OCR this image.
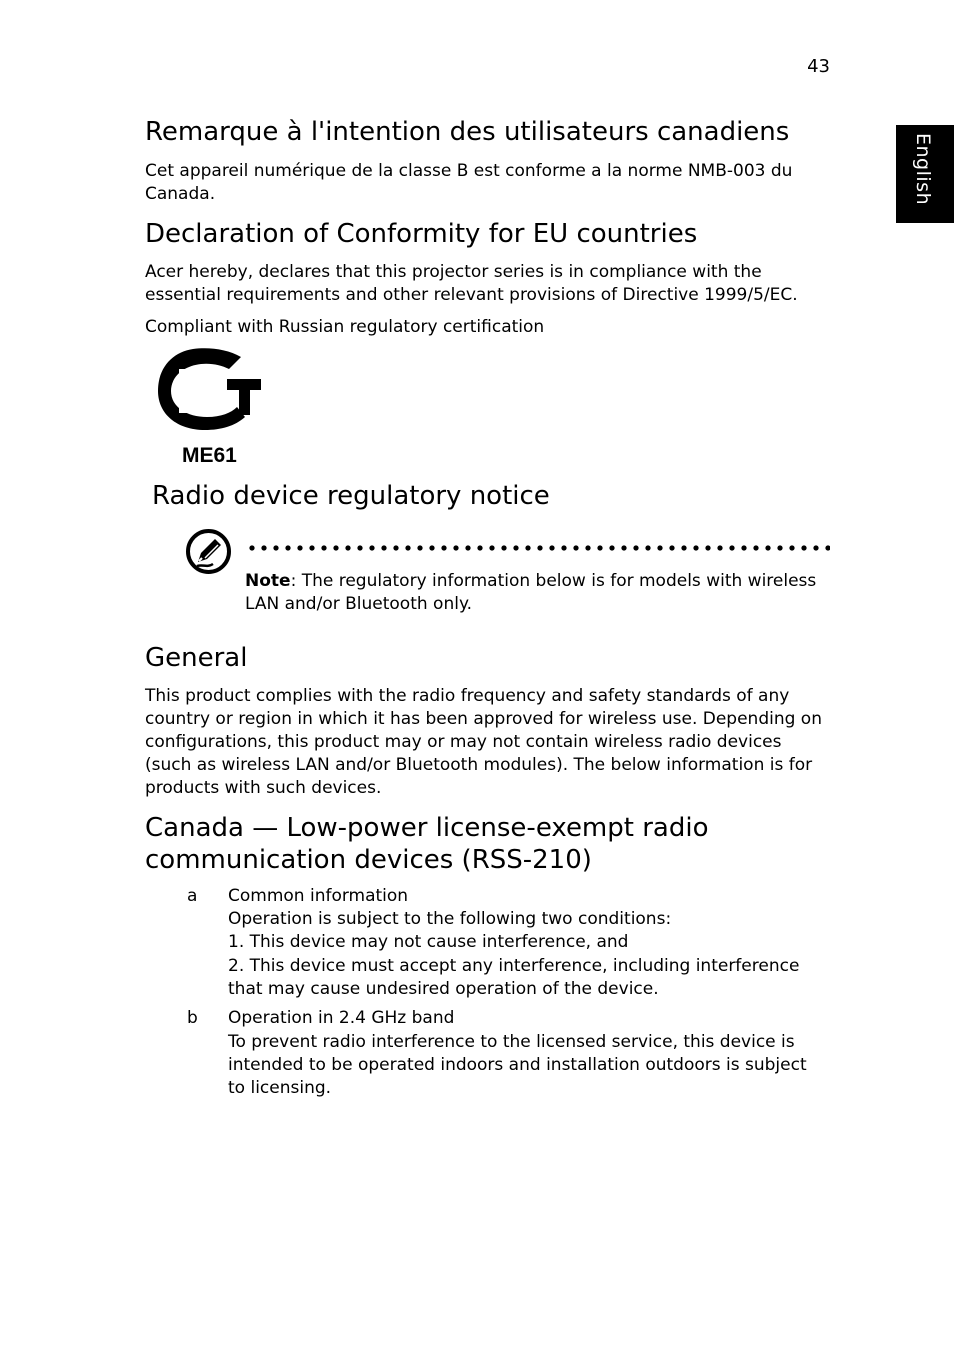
43
English
Remarque à l'intention des utilisateurs canadiens

Cet appareil numérique de la classe B est conforme a la norme NMB-003 du Canada.

Declaration of Conformity for EU countries

Acer hereby, declares that this projector series is in compliance with the essential requirements and other relevant provisions of Directive 1999/5/EC.

Compliant with Russian regulatory certification

ME61
Radio device regulatory notice

Note: The regulatory information below is for models with wireless LAN and/or Bluetooth only.

General

This product complies with the radio frequency and safety standards of any country or region in which it has been approved for wireless use. Depending on configurations, this product may or may not contain wireless radio devices (such as wireless LAN and/or Bluetooth modules). The below information is for products with such devices.

Canada — Low-power license-exempt radio
communication devices (RSS-210)
a Common information
Operation is subject to the following two conditions:
1. This device may not cause interference, and
2. This device must accept any interference, including interference that may cause undesired operation of the device.
b Operation in 2.4 GHz band
To prevent radio interference to the licensed service, this device is intended to be operated indoors and installation outdoors is subject to licensing.
